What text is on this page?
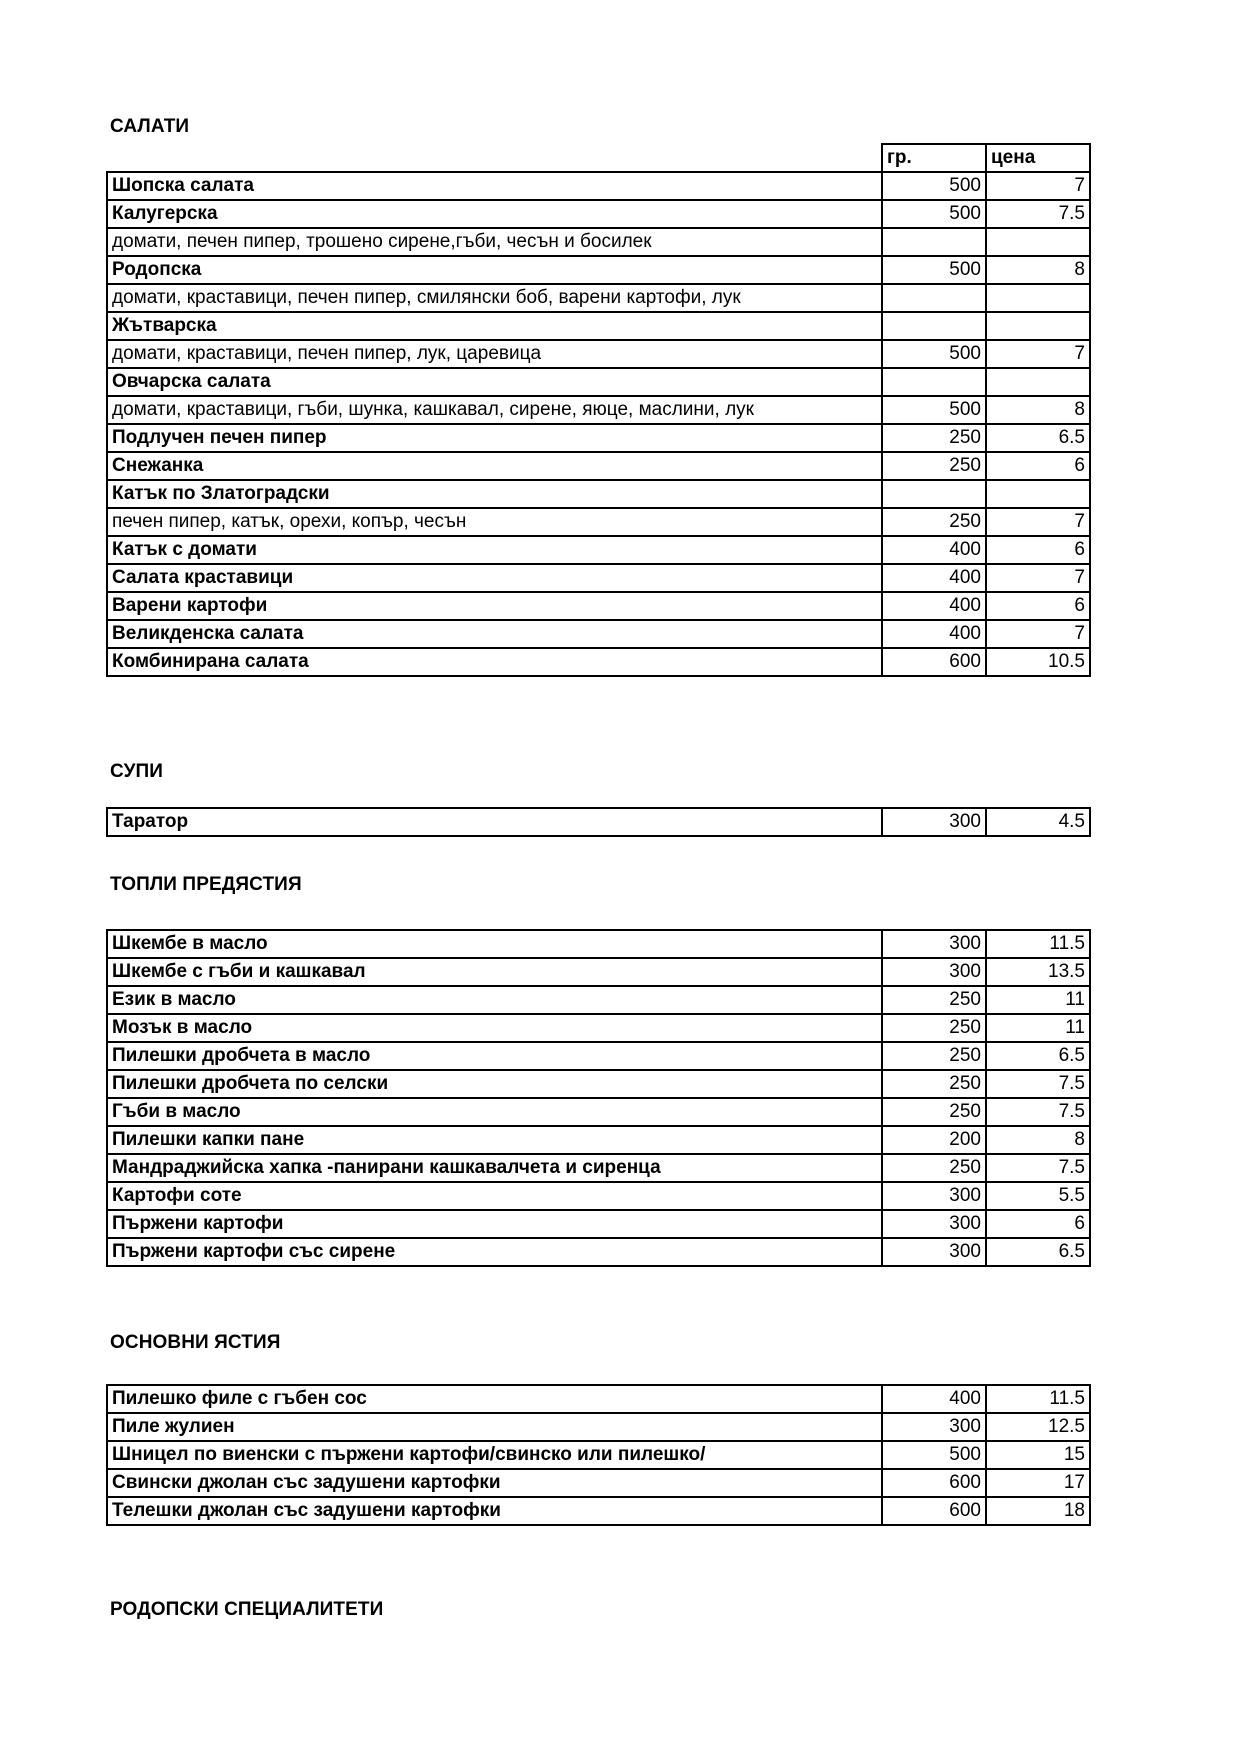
САЛАТИ
	гр.	цена
Шопска салата	500	7
Калугерска	500	7.5
домати, печен пипер, трошено сирене,гъби, чесън и босилек		
Родопска	500	8
домати, краставици, печен пипер, смилянски боб, варени картофи, лук		
Жътварска		
домати, краставици, печен пипер, лук, царевица	500	7
Овчарска салата		
домати, краставици, гъби, шунка, кашкавал, сирене, яюце, маслини, лук	500	8
Подлучен печен пипер	250	6.5
Снежанка	250	6
Катък по Златоградски		
печен пипер, катък, орехи, копър, чесън	250	7
Катък с домати	400	6
Салата краставици	400	7
Варени картофи	400	6
Великденска салата	400	7
Комбинирана салата	600	10.5
СУПИ
Таратор	300	4.5
ТОПЛИ ПРЕДЯСТИЯ
Шкембе в масло	300	11.5
Шкембе с гъби и кашкавал	300	13.5
Език в масло	250	11
Мозък в масло	250	11
Пилешки дробчета в масло	250	6.5
Пилешки дробчета по селски	250	7.5
Гъби в масло	250	7.5
Пилешки капки пане	200	8
Мандраджийска хапка -панирани кашкавалчета и сиренца	250	7.5
Картофи соте	300	5.5
Пържени картофи	300	6
Пържени картофи със сирене	300	6.5
ОСНОВНИ ЯСТИЯ
Пилешко филе с гъбен сос	400	11.5
Пиле жулиен	300	12.5
Шницел по виенски с пържени картофи/свинско или пилешко/	500	15
Свински джолан със задушени картофки	600	17
Телешки джолан със задушени картофки	600	18
РОДОПСКИ СПЕЦИАЛИТЕТИ
